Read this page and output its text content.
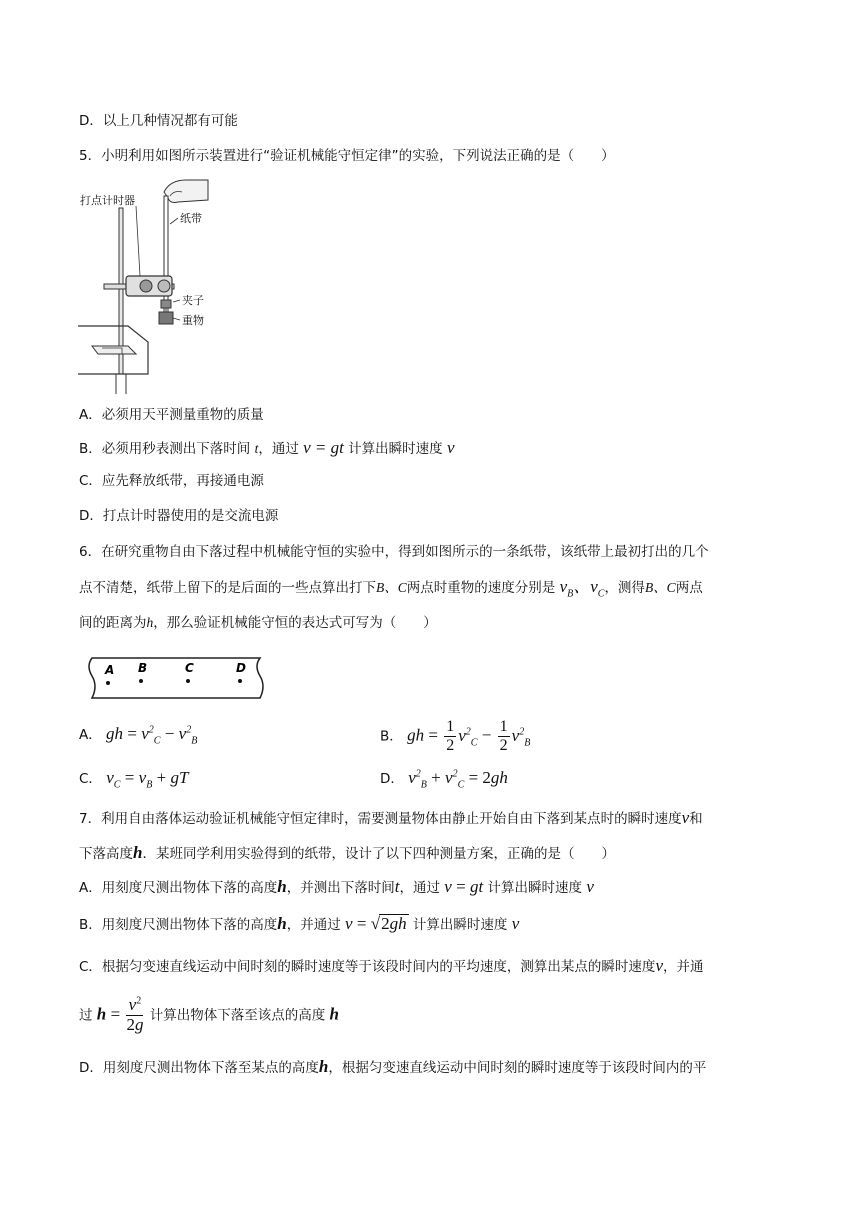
D．以上几种情况都有可能
5．小明利用如图所示装置进行“验证机械能守恒定律”的实验，下列说法正确的是（　　）
打点计时器
纸带
夹子
重物
A．必须用天平测量重物的质量
B．必须用秒表测出下落时间 t，通过 v = gt 计算出瞬时速度 v
C．应先释放纸带，再接通电源
D．打点计时器使用的是交流电源
6．在研究重物自由下落过程中机械能守恒的实验中，得到如图所示的一条纸带，该纸带上最初打出的几个
点不清楚，纸带上留下的是后面的一些点算出打下B、C两点时重物的速度分别是 $v_B$、$v_C$，测得B、C两点
间的距离为h，那么验证机械能守恒的表达式可写为（　　）
A B	C	D
A． gh = $v^2_C - v^2_B$	B． gh = $\frac{1}{2} v^2_C - \frac{1}{2} v^2_B$
C． $v_C = v_B$ + gT	D． $v^2_B + v^2_C = 2gh$
7．利用自由落体运动验证机械能守恒定律时，需要测量物体由静止开始自由下落到某点时的瞬时速度v和
下落高度h．某班同学利用实验得到的纸带，设计了以下四种测量方案，正确的是（　　）
A．用刻度尺测出物体下落的高度h，并测出下落时间t，通过 v = gt 计算出瞬时速度 v
B．用刻度尺测出物体下落的高度h，并通过 v = √2gh 计算出瞬时速度 v
C．根据匀变速直线运动中间时刻的瞬时速度等于该段时间内的平均速度，测算出某点的瞬时速度v，并通
过 $h = \frac{v^2}{2g}$ 计算出物体下落至该点的高度 h
D．用刻度尺测出物体下落至某点的高度h，根据匀变速直线运动中间时刻的瞬时速度等于该段时间内的平
